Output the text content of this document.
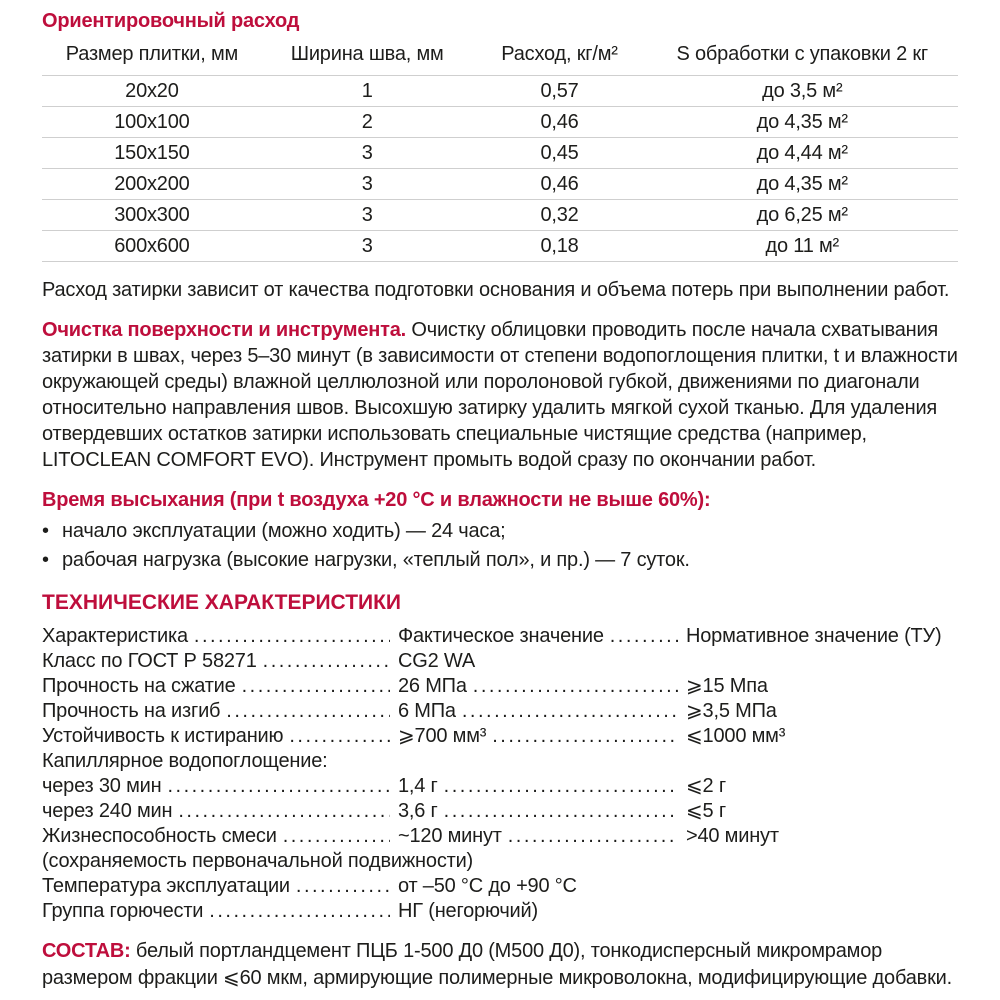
Ориентировочный расход
Размер плитки, мм	Ширина шва, мм	Расход, кг/м²	S обработки с упаковки 2 кг
20x20	1	0,57	до 3,5 м²
100x100	2	0,46	до 4,35 м²
150x150	3	0,45	до 4,44 м²
200x200	3	0,46	до 4,35 м²
300x300	3	0,32	до 6,25 м²
600x600	3	0,18	до 11 м²

Расход затирки зависит от качества подготовки основания и объема потерь при выполнении работ.

Очистка поверхности и инструмента. Очистку облицовки проводить после начала схватывания затирки в швах, через 5–30 минут (в зависимости от степени водопоглощения плитки, t и влажности окружающей среды) влажной целлюлозной или поролоновой губкой, движениями по диагонали относительно направления швов. Высохшую затирку удалить мягкой сухой тканью. Для удаления отвердевших остатков затирки использовать специальные чистящие средства (например, LITOCLEAN COMFORT EVO). Инструмент промыть водой сразу по окончании работ.

Время высыхания (при t воздуха +20 °C и влажности не выше 60%):
• начало эксплуатации (можно ходить) — 24 часа;
• рабочая нагрузка (высокие нагрузки, «теплый пол», и пр.) — 7 суток.
ТЕХНИЧЕСКИЕ ХАРАКТЕРИСТИКИ
Характеристика .....	Фактическое значение .....	Нормативное значение (ТУ)
Класс по ГОСТ Р 58271 .....	CG2 WA
Прочность на сжатие .....	26 МПа .....	⩾15 Мпа
Прочность на изгиб .....	6 МПа .....	⩾3,5 МПа
Устойчивость к истиранию .....	⩾700 мм³ .....	⩽1000 мм³
Капиллярное водопоглощение:
через 30 мин .....	1,4 г .....	⩽2 г
через 240 мин .....	3,6 г .....	⩽5 г
Жизнеспособность смеси .....	~120 минут .....	>40 минут
(сохраняемость первоначальной подвижности)
Температура эксплуатации .....	от –50 °C до +90 °C
Группа горючести .....	НГ (негорючий)

СОСТАВ: белый портландцемент ПЦБ 1-500 Д0 (М500 Д0), тонкодисперсный микромрамор размером фракции ⩽60 мкм, армирующие полимерные микроволокна, модифицирующие добавки.
